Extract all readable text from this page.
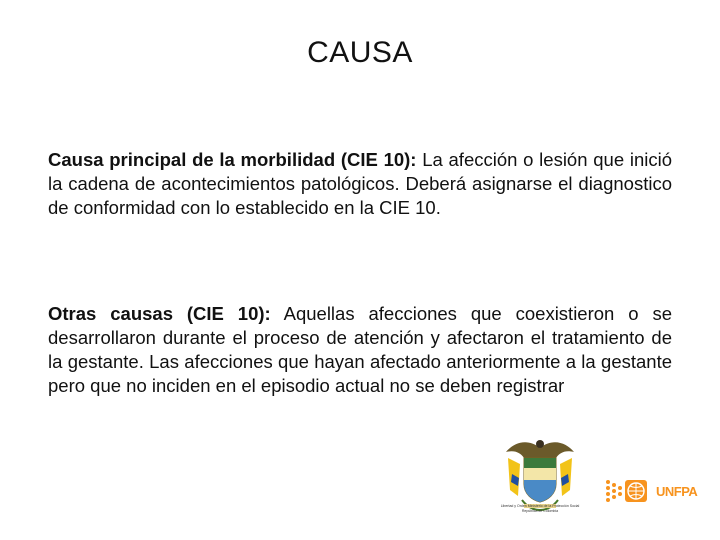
CAUSA

Causa principal de la morbilidad (CIE 10): La afección o lesión que inició la cadena de acontecimientos patológicos. Deberá asignarse el diagnostico de conformidad con lo establecido en la CIE 10.

Otras causas (CIE 10): Aquellas afecciones que coexistieron o se desarrollaron durante el proceso de atención y afectaron el tratamiento de la gestante. Las afecciones que hayan afectado anteriormente a la gestante pero que no inciden en el episodio actual no se deben registrar

Libertad y Orden Ministerio de la Protección Social República de Colombia
UNFPA
